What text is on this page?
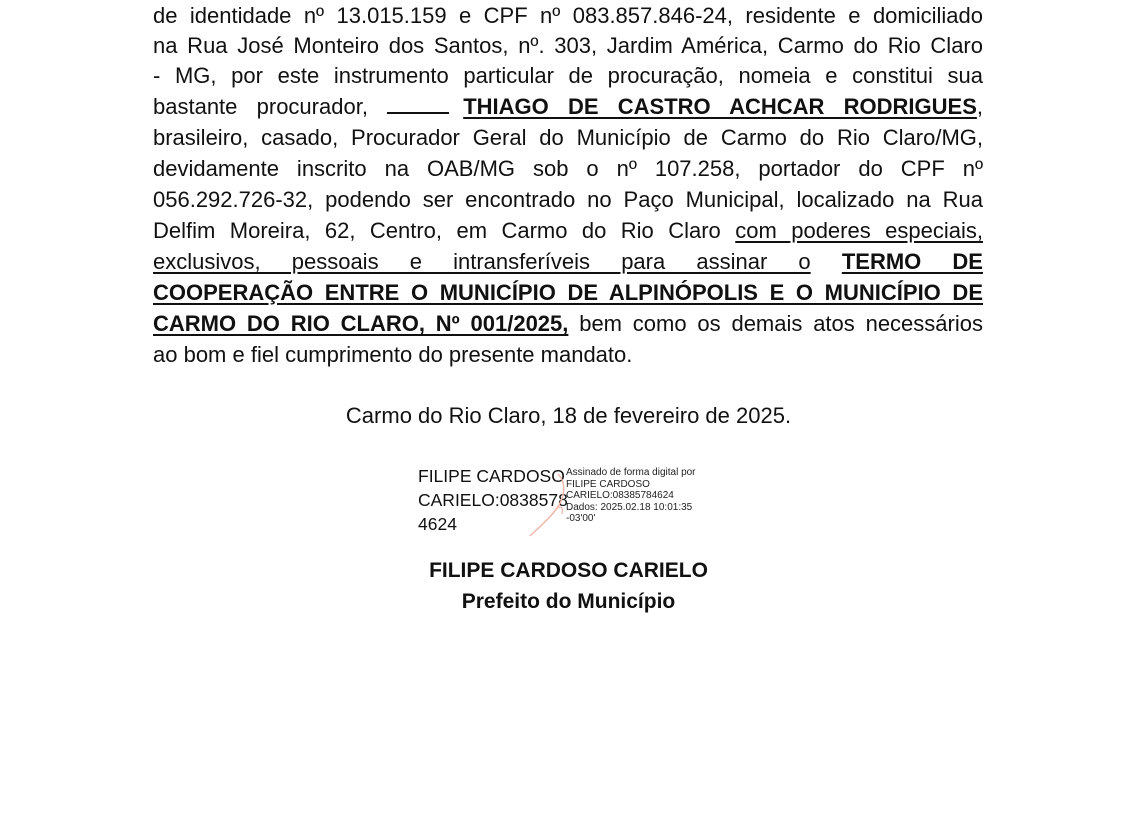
de identidade nº 13.015.159 e CPF nº 083.857.846-24, residente e domiciliado
na Rua José Monteiro dos Santos, nº. 303, Jardim América, Carmo do Rio Claro
- MG, por este instrumento particular de procuração, nomeia e constitui sua
bastante procurador,	THIAGO DE CASTRO ACHCAR RODRIGUES,
brasileiro, casado, Procurador Geral do Município de Carmo do Rio Claro/MG,
devidamente inscrito na OAB/MG sob o nº 107.258, portador do CPF nº
056.292.726-32, podendo ser encontrado no Paço Municipal, localizado na Rua
Delfim Moreira, 62, Centro, em Carmo do Rio Claro com poderes especiais,
exclusivos, pessoais e intransferíveis para assinar o TERMO DE
COOPERAÇÃO ENTRE O MUNICÍPIO DE ALPINÓPOLIS E O MUNICÍPIO DE
CARMO DO RIO CLARO, Nº 001/2025, bem como os demais atos necessários
ao bom e fiel cumprimento do presente mandato.
Carmo do Rio Claro, 18 de fevereiro de 2025.
FILIPE CARDOSO
CARIELO:0838578
4624
Assinado de forma digital por
FILIPE CARDOSO
CARIELO:08385784624
Dados: 2025.02.18 10:01:35
-03'00'
FILIPE CARDOSO CARIELO
Prefeito do Município
